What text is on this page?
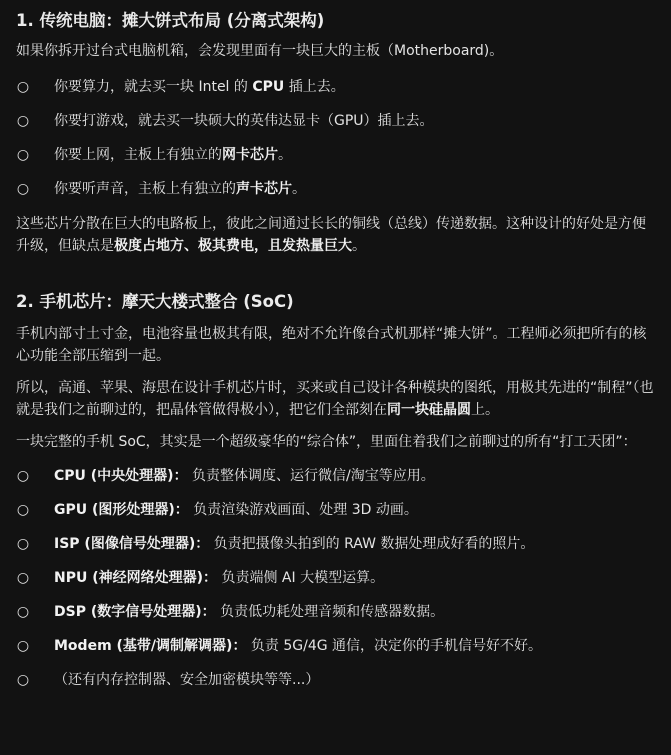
1. 传统电脑：摊大饼式布局 (分离式架构)

如果你拆开过台式电脑机箱，会发现里面有一块巨大的主板（Motherboard)。

○ 你要算力，就去买一块 Intel 的 CPU 插上去。
○ 你要打游戏，就去买一块硕大的英伟达显卡（GPU）插上去。
○ 你要上网，主板上有独立的网卡芯片。
○ 你要听声音，主板上有独立的声卡芯片。

这些芯片分散在巨大的电路板上，彼此之间通过长长的铜线（总线）传递数据。这种设计的好处是方便升级，但缺点是极度占地方、极其费电，且发热量巨大。

2. 手机芯片：摩天大楼式整合 (SoC)

手机内部寸土寸金，电池容量也极其有限，绝对不允许像台式机那样“摊大饼”。工程师必须把所有的核心功能全部压缩到一起。

所以，高通、苹果、海思在设计手机芯片时，买来或自己设计各种模块的图纸，用极其先进的“制程”（也就是我们之前聊过的，把晶体管做得极小），把它们全部刻在同一块硅晶圆上。

一块完整的手机 SoC，其实是一个超级豪华的“综合体”，里面住着我们之前聊过的所有“打工天团”：

○ CPU (中央处理器)： 负责整体调度、运行微信/淘宝等应用。
○ GPU (图形处理器)： 负责渲染游戏画面、处理 3D 动画。
○ ISP (图像信号处理器)： 负责把摄像头拍到的 RAW 数据处理成好看的照片。
○ NPU (神经网络处理器)： 负责端侧 AI 大模型运算。
○ DSP (数字信号处理器)： 负责低功耗处理音频和传感器数据。
○ Modem (基带/调制解调器)： 负责 5G/4G 通信，决定你的手机信号好不好。
○ （还有内存控制器、安全加密模块等等...）
